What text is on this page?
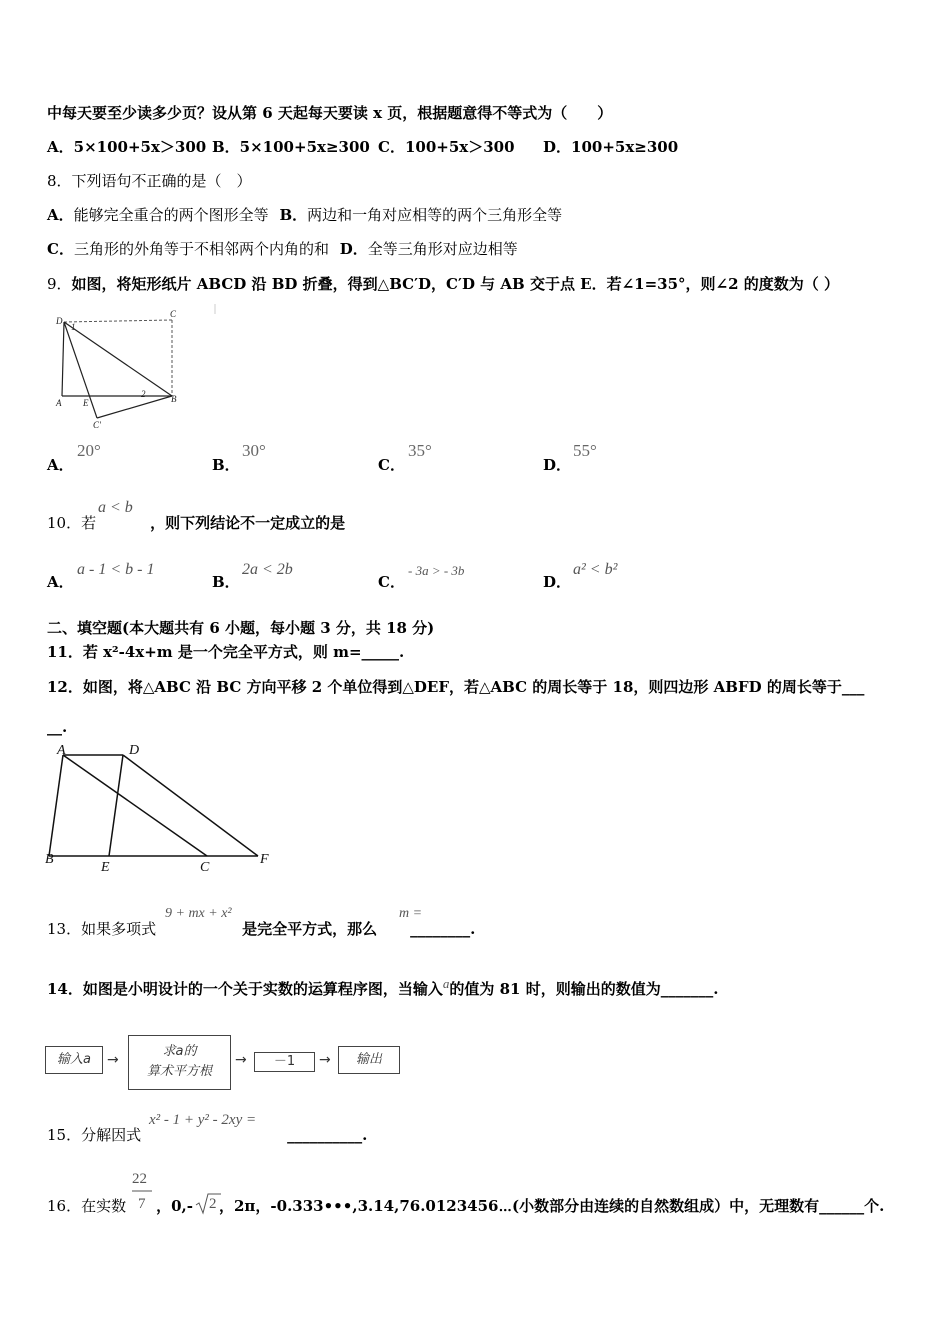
中每天要至少读多少页？设从第 6 天起每天要读 x 页，根据题意得不等式为（　　）
A．5×100+5x＞300 B．5×100+5x≥300 C．100+5x＞300 D．100+5x≥300
8．下列语句不正确的是（　）
A．能够完全重合的两个图形全等 B．两边和一角对应相等的两个三角形全等
C．三角形的外角等于不相邻两个内角的和 D．全等三角形对应边相等
9．如图，将矩形纸片 ABCD 沿 BD 折叠，得到△BC′D，C′D 与 AB 交于点 E．若∠1=35°，则∠2 的度数为（ ）
D
1
C
A E
2	B
C'
A．
20°
B．
30°
C．
35°
D．
55°
10．若	，则下列结论不一定成立的是
a < b
A．
a - 1 < b - 1
B．
2a < 2b
C．
- 3a > - 3b
D．
a² < b²
二、填空题(本大题共有 6 小题，每小题 3 分，共 18 分)
11．若 x²-4x+m 是一个完全平方式，则 m=_____.
12．如图，将△ABC 沿 BC 方向平移 2 个单位得到△DEF，若△ABC 的周长等于 18，则四边形 ABFD 的周长等于___
__.
A	D
B
E	C
F
13．如果多项式	是完全平方式，那么 ________.
9 + mx + x²	m =
14．如图是小明设计的一个关于实数的运算程序图，当输入a的值为 81 时，则输出的数值为_______.
输入a	→
求a的
算术平方根
→	－1	→	输出
15．分解因式	__________.
x² - 1 + y² - 2xy =
16．在实数 ，0,- ，2π，-0.333•••,3.14,76.0123456⋯(小数部分由连续的自然数组成）中，无理数有______个.
22
7	2
